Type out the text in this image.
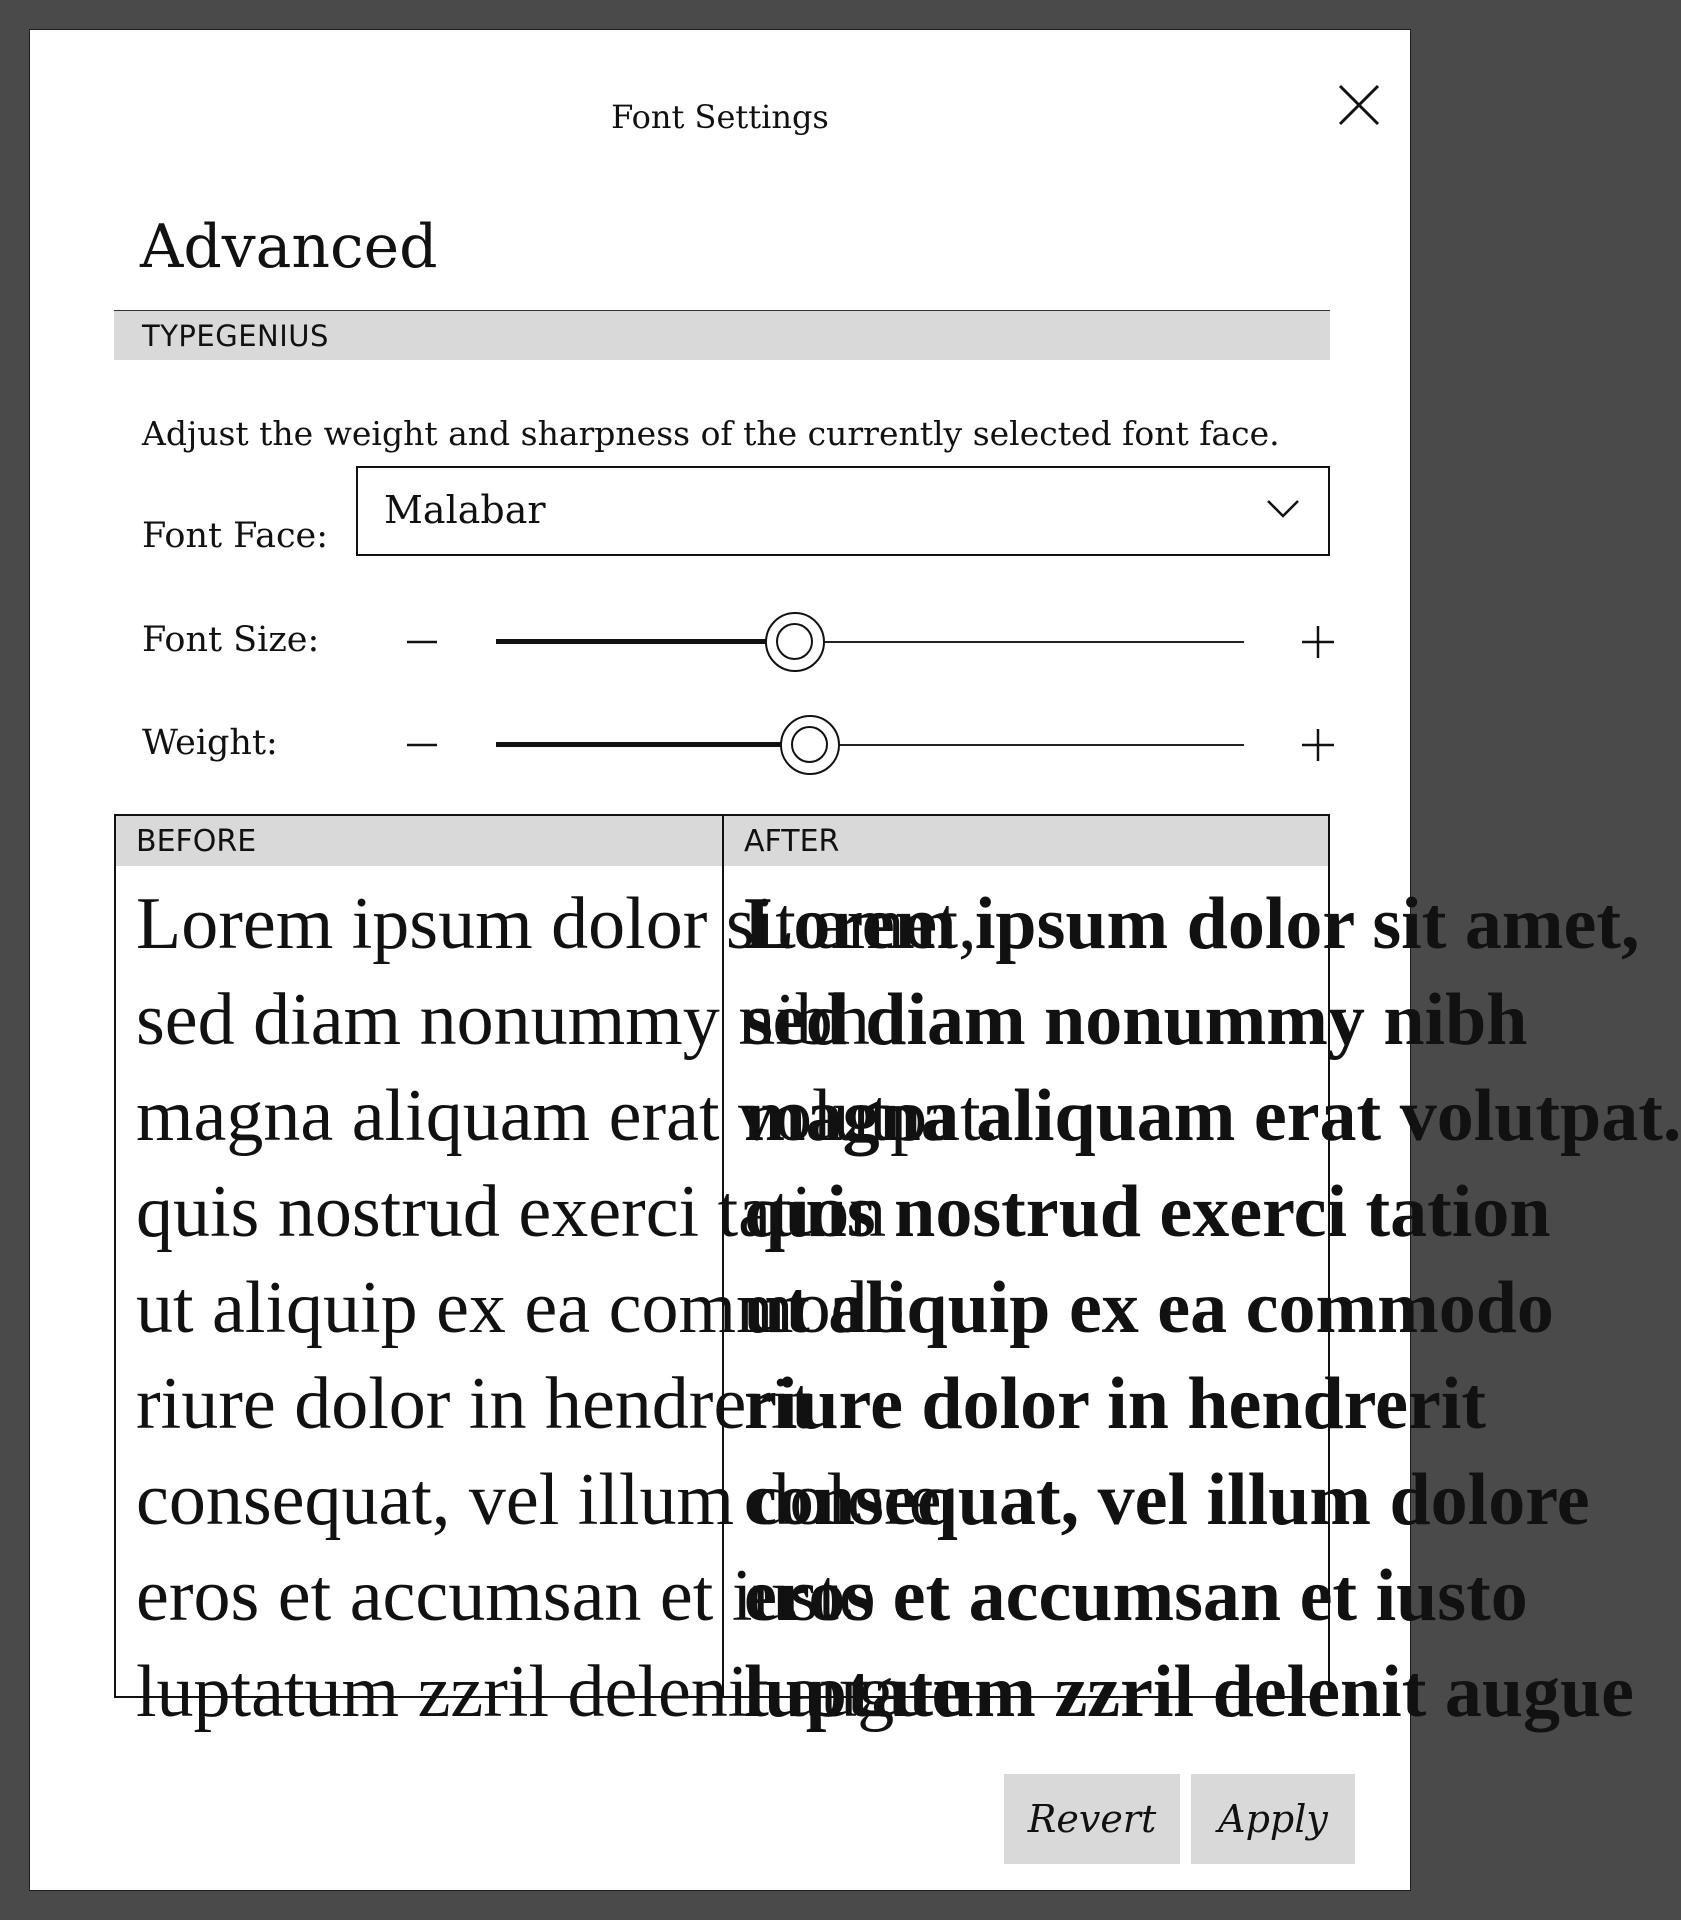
Font Settings
Advanced
TYPEGENIUS
Adjust the weight and sharpness of the currently selected font face.
Font Face:
Malabar
Font Size:
Weight:
BEFORE
Lorem ipsum dolor sit amet,
sed diam nonummy nibh
magna aliquam erat volutpat.
quis nostrud exerci tation
ut aliquip ex ea commodo
riure dolor in hendrerit
consequat, vel illum dolore
eros et accumsan et iusto
luptatum zzril delenit augue
AFTER
Lorem ipsum dolor sit amet,
sed diam nonummy nibh
magna aliquam erat volutpat.
quis nostrud exerci tation
ut aliquip ex ea commodo
riure dolor in hendrerit
consequat, vel illum dolore
eros et accumsan et iusto
luptatum zzril delenit augue
Revert	Apply
